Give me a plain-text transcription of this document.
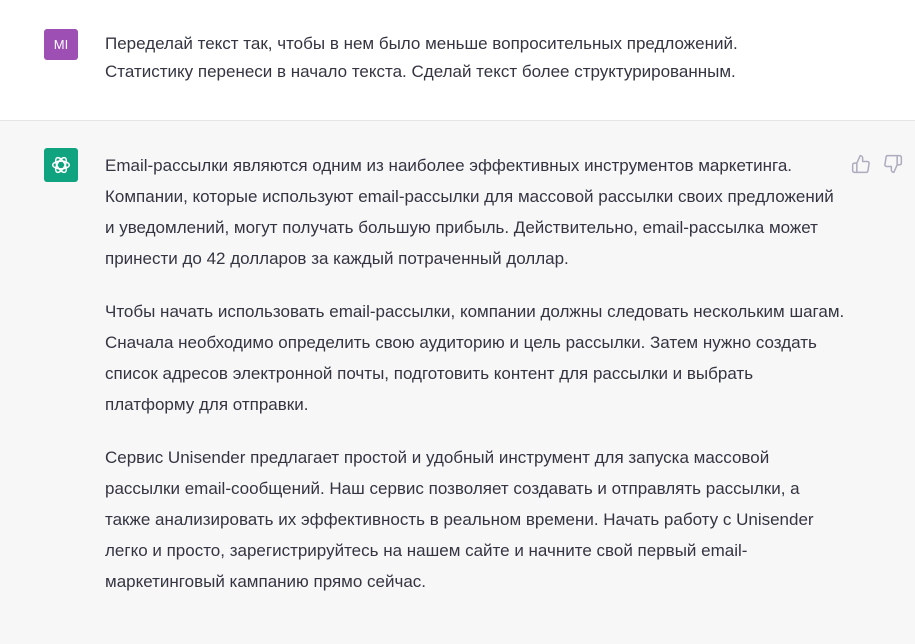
MI	Переделай текст так, чтобы в нем было меньше вопросительных предложений.
Статистику перенеси в начало текста. Сделай текст более структурированным.

Email-рассылки являются одним из наиболее эффективных инструментов маркетинга. Компании, которые используют email-рассылки для массовой рассылки своих предложений и уведомлений, могут получать большую прибыль. Действительно, email-рассылка может принести до 42 долларов за каждый потраченный доллар.

Чтобы начать использовать email-рассылки, компании должны следовать нескольким шагам. Сначала необходимо определить свою аудиторию и цель рассылки. Затем нужно создать список адресов электронной почты, подготовить контент для рассылки и выбрать платформу для отправки.

Сервис Unisender предлагает простой и удобный инструмент для запуска массовой рассылки email-сообщений. Наш сервис позволяет создавать и отправлять рассылки, а также анализировать их эффективность в реальном времени. Начать работу с Unisender легко и просто, зарегистрируйтесь на нашем сайте и начните свой первый email-маркетинговый кампанию прямо сейчас.
